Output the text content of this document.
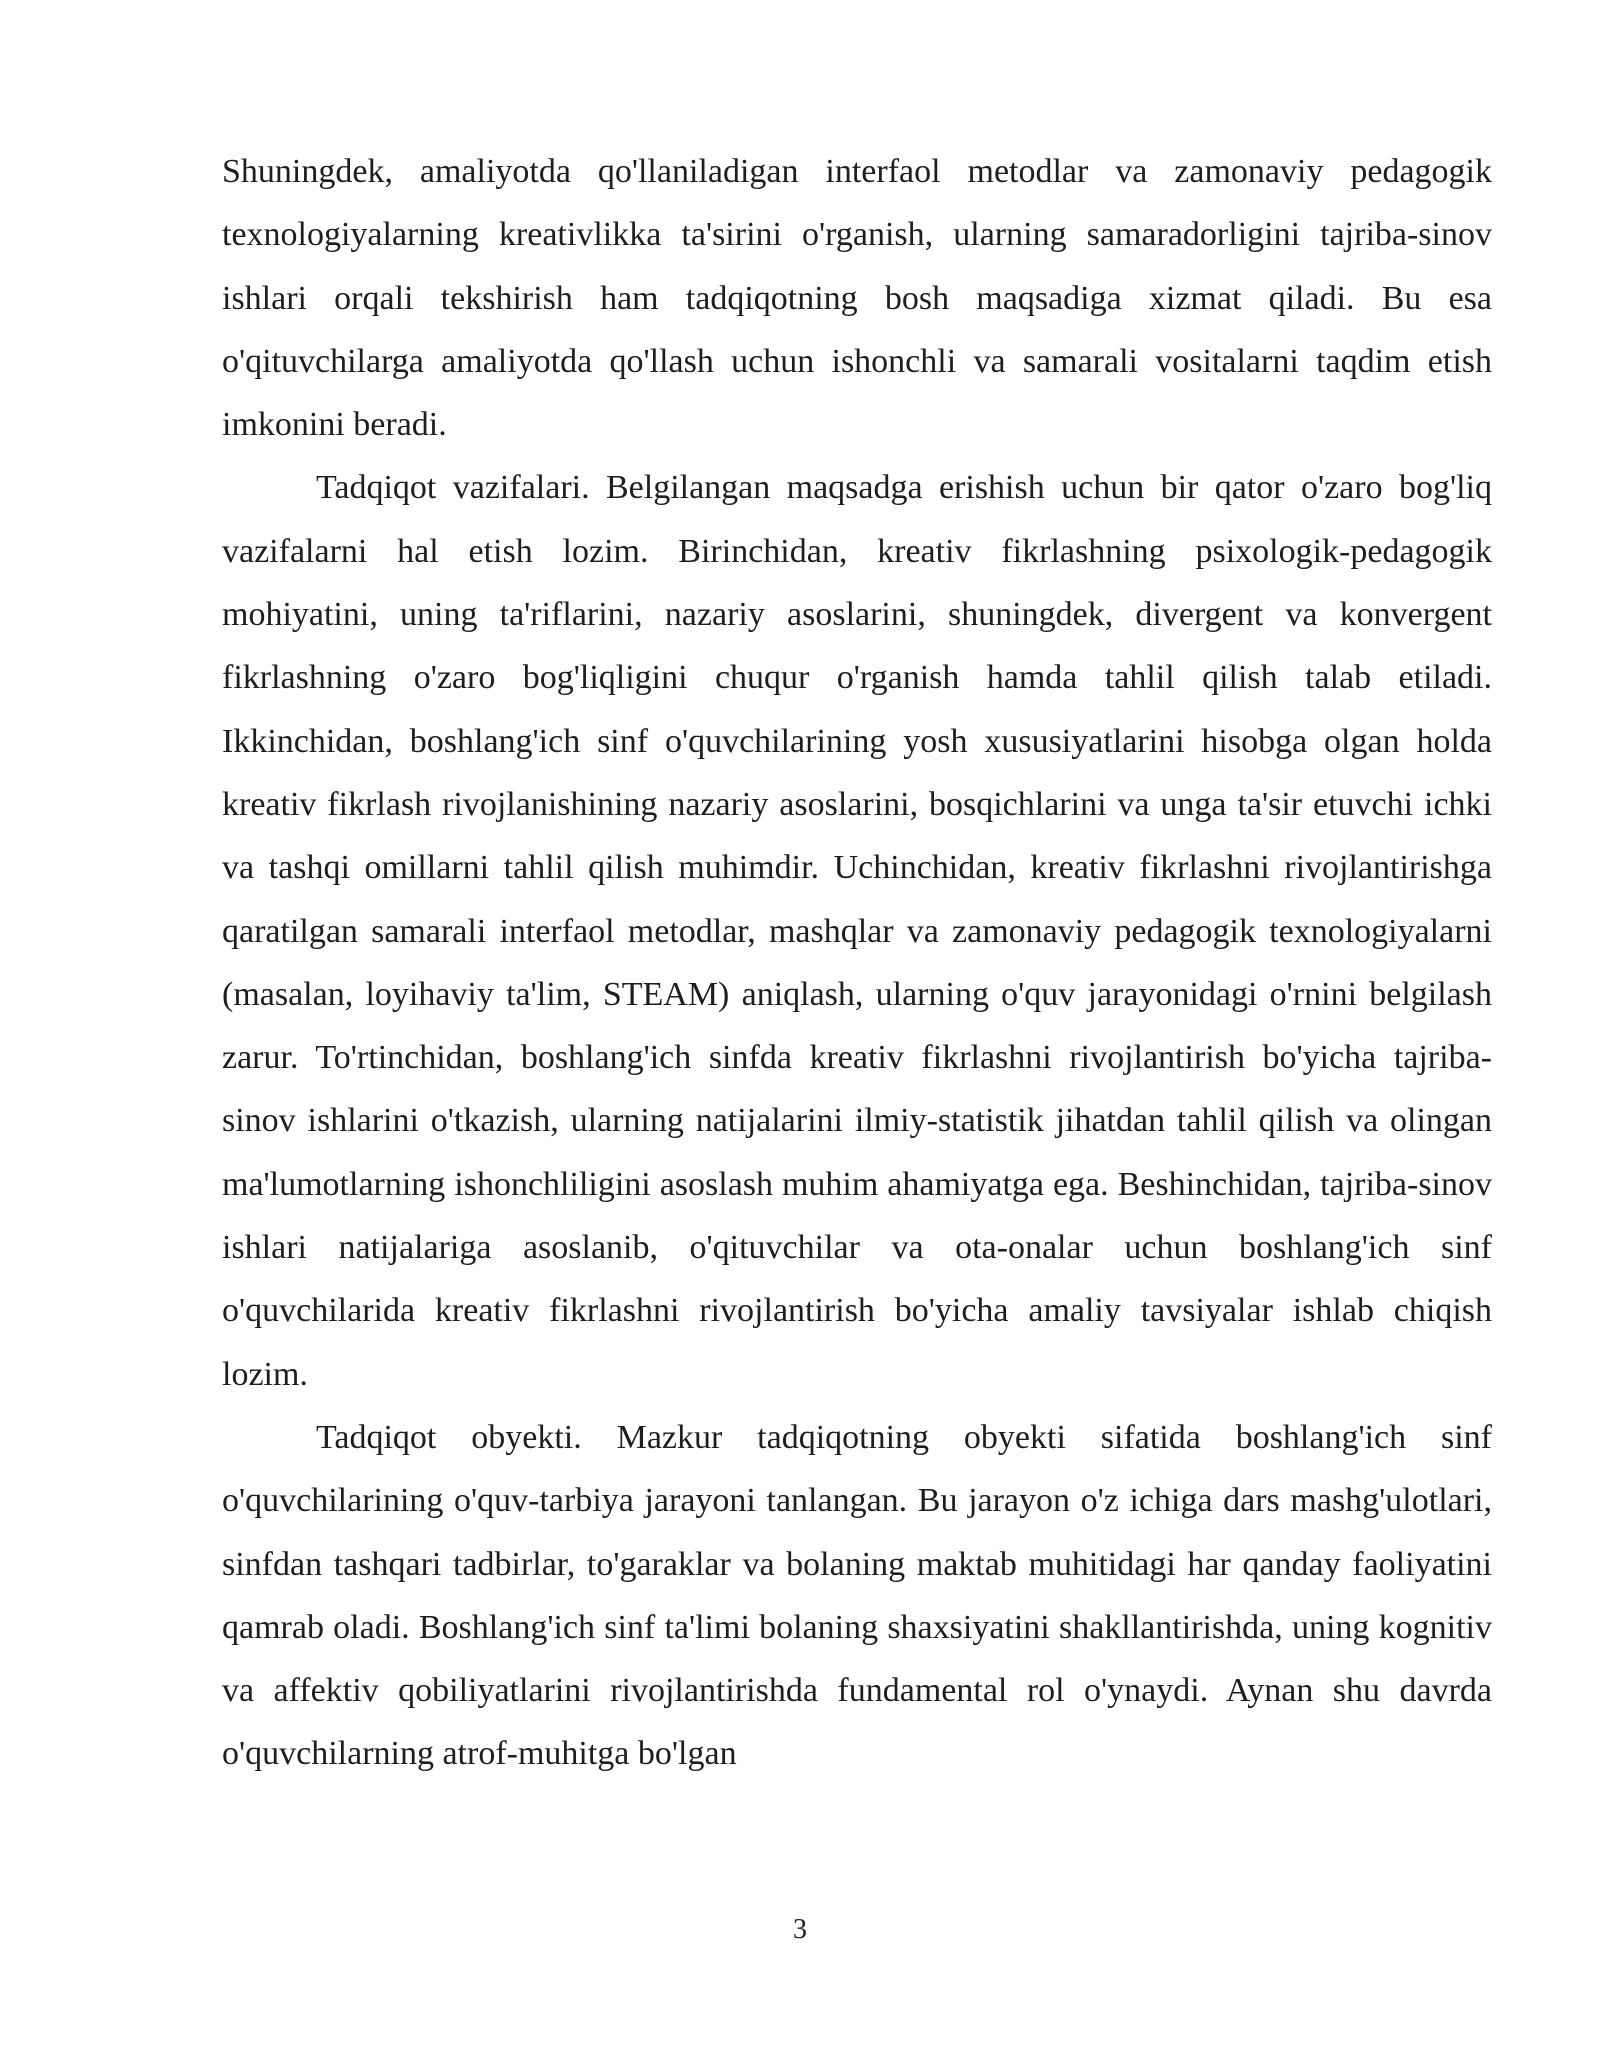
Shuningdek, amaliyotda qo'llaniladigan interfaol metodlar va zamonaviy pedagogik texnologiyalarning kreativlikka ta'sirini o'rganish, ularning samaradorligini tajriba-sinov ishlari orqali tekshirish ham tadqiqotning bosh maqsadiga xizmat qiladi. Bu esa o'qituvchilarga amaliyotda qo'llash uchun ishonchli va samarali vositalarni taqdim etish imkonini beradi.

Tadqiqot vazifalari. Belgilangan maqsadga erishish uchun bir qator o'zaro bog'liq vazifalarni hal etish lozim. Birinchidan, kreativ fikrlashning psixologik-pedagogik mohiyatini, uning ta'riflarini, nazariy asoslarini, shuningdek, divergent va konvergent fikrlashning o'zaro bog'liqligini chuqur o'rganish hamda tahlil qilish talab etiladi. Ikkinchidan, boshlang'ich sinf o'quvchilarining yosh xususiyatlarini hisobga olgan holda kreativ fikrlash rivojlanishining nazariy asoslarini, bosqichlarini va unga ta'sir etuvchi ichki va tashqi omillarni tahlil qilish muhimdir. Uchinchidan, kreativ fikrlashni rivojlantirishga qaratilgan samarali interfaol metodlar, mashqlar va zamonaviy pedagogik texnologiyalarni (masalan, loyihaviy ta'lim, STEAM) aniqlash, ularning o'quv jarayonidagi o'rnini belgilash zarur. To'rtinchidan, boshlang'ich sinfda kreativ fikrlashni rivojlantirish bo'yicha tajriba-sinov ishlarini o'tkazish, ularning natijalarini ilmiy-statistik jihatdan tahlil qilish va olingan ma'lumotlarning ishonchliligini asoslash muhim ahamiyatga ega. Beshinchidan, tajriba-sinov ishlari natijalariga asoslanib, o'qituvchilar va ota-onalar uchun boshlang'ich sinf o'quvchilarida kreativ fikrlashni rivojlantirish bo'yicha amaliy tavsiyalar ishlab chiqish lozim.

Tadqiqot obyekti. Mazkur tadqiqotning obyekti sifatida boshlang'ich sinf o'quvchilarining o'quv-tarbiya jarayoni tanlangan. Bu jarayon o'z ichiga dars mashg'ulotlari, sinfdan tashqari tadbirlar, to'garaklar va bolaning maktab muhitidagi har qanday faoliyatini qamrab oladi. Boshlang'ich sinf ta'limi bolaning shaxsiyatini shakllantirishda, uning kognitiv va affektiv qobiliyatlarini rivojlantirishda fundamental rol o'ynaydi. Aynan shu davrda o'quvchilarning atrof-muhitga bo'lgan

3
